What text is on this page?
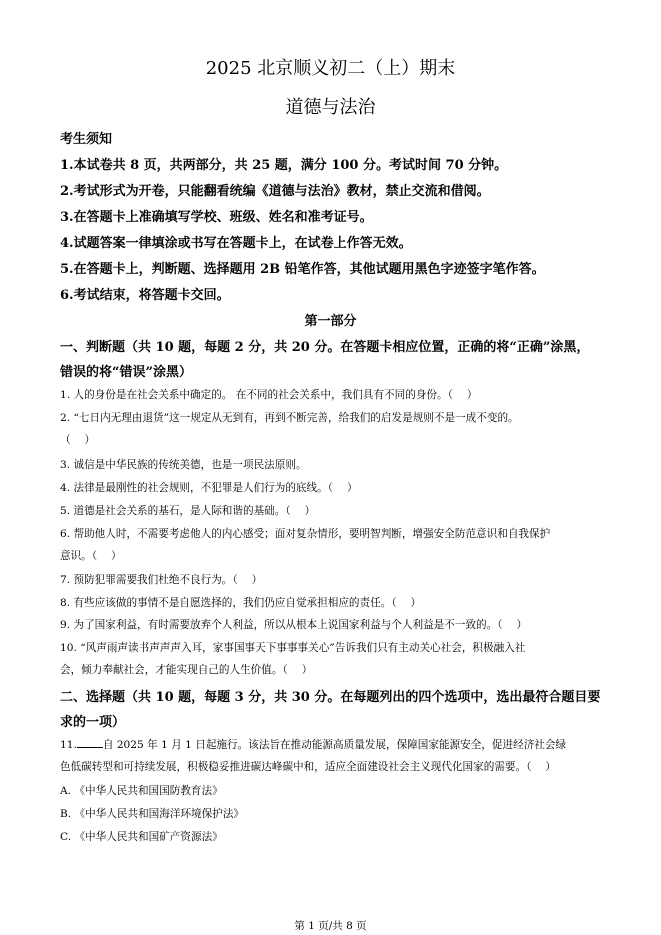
2025 北京顺义初二（上）期末
道德与法治
考生须知
1.本试卷共 8 页，共两部分，共 25 题，满分 100 分。考试时间 70 分钟。
2.考试形式为开卷，只能翻看统编《道德与法治》教材，禁止交流和借阅。
3.在答题卡上准确填写学校、班级、姓名和准考证号。
4.试题答案一律填涂或书写在答题卡上，在试卷上作答无效。
5.在答题卡上，判断题、选择题用 2B 铅笔作答，其他试题用黑色字迹签字笔作答。
6.考试结束，将答题卡交回。
第一部分
一、判断题（共 10 题，每题 2 分，共 20 分。在答题卡相应位置，正确的将“正确”涂黑，
错误的将“错误”涂黑）
1. 人的身份是在社会关系中确定的。 在不同的社会关系中，我们具有不同的身份。（　 ）
2. “七日内无理由退货”这一规定从无到有，再到不断完善，给我们的启发是规则不是一成不变的。
（　 ）
3. 诚信是中华民族的传统美德，也是一项民法原则。
4. 法律是最刚性的社会规则，不犯罪是人们行为的底线。（　 ）
5. 道德是社会关系的基石，是人际和谐的基础。（　 ）
6. 帮助他人时，不需要考虑他人的内心感受；面对复杂情形，要明智判断，增强安全防范意识和自我保护
意识。（　 ）
7. 预防犯罪需要我们杜绝不良行为。（　 ）
8. 有些应该做的事情不是自愿选择的，我们仍应自觉承担相应的责任。（　 ）
9. 为了国家利益，有时需要放弃个人利益，所以从根本上说国家利益与个人利益是不一致的。（　 ）
10. “风声雨声读书声声声入耳，家事国事天下事事事关心”告诉我们只有主动关心社会，积极融入社
会，倾力奉献社会，才能实现自己的人生价值。（　 ）
二、选择题（共 10 题，每题 3 分，共 30 分。在每题列出的四个选项中，选出最符合题目要
求的一项）
11. 自 2025 年 1 月 1 日起施行。该法旨在推动能源高质量发展，保障国家能源安全，促进经济社会绿
色低碳转型和可持续发展，积极稳妥推进碳达峰碳中和，适应全面建设社会主义现代化国家的需要。（　 ）
A. 《中华人民共和国国防教育法》
B. 《中华人民共和国海洋环境保护法》
C. 《中华人民共和国矿产资源法》
第 1 页/共 8 页
